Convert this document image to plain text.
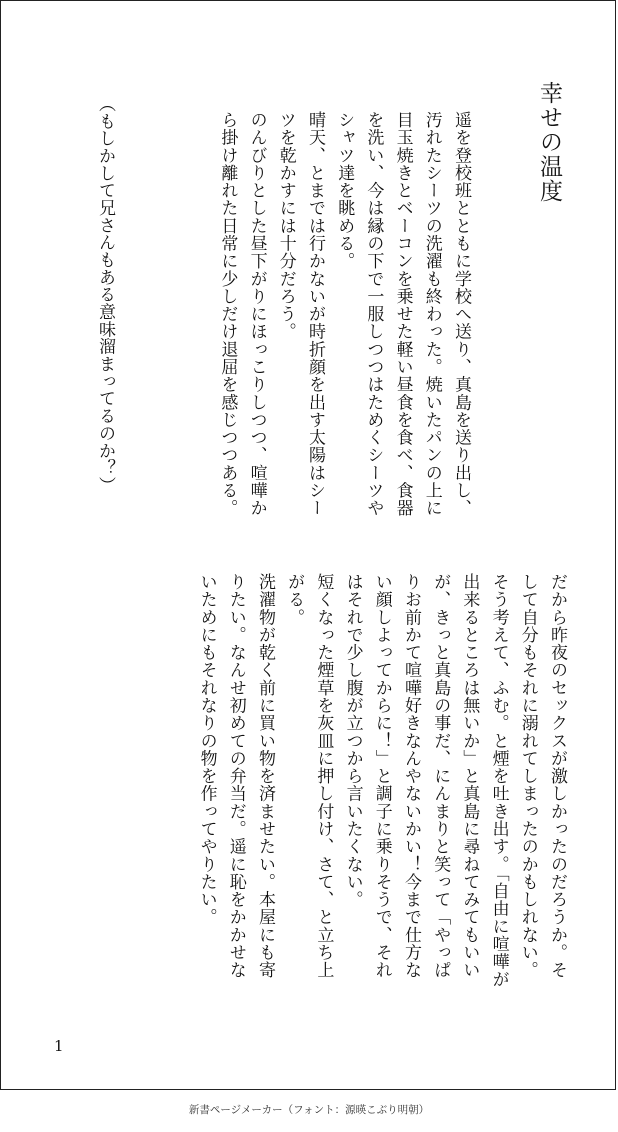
幸せの温度

遥を登校班とともに学校へ送り、真島を送り出し、汚れたシーツの洗濯も終わった。焼いたパンの上に目玉焼きとベーコンを乗せた軽い昼食を食べ、食器を洗い、今は縁の下で一服しつつはためくシーツやシャツ達を眺める。

晴天、とまでは行かないが時折顔を出す太陽はシーツを乾かすには十分だろう。

のんびりとした昼下がりにほっこりしつつ、喧嘩から掛け離れた日常に少しだけ退屈を感じつつある。

（もしかして兄さんもある意味溜まってるのか？）

だから昨夜のセックスが激しかったのだろうか。そして自分もそれに溺れてしまったのかもしれない。

そう考えて、ふむ。と煙を吐き出す。「自由に喧嘩が出来るところは無いか」と真島に尋ねてみてもいいが、きっと真島の事だ、にんまりと笑って「やっぱりお前かて喧嘩好きなんやないかい！今まで仕方ない顔しよってからに！」と調子に乗りそうで、それはそれで少し腹が立つから言いたくない。

短くなった煙草を灰皿に押し付け、さて、と立ち上がる。

洗濯物が乾く前に買い物を済ませたい。本屋にも寄りたい。なんせ初めての弁当だ。遥に恥をかかせないためにもそれなりの物を作ってやりたい。

1
新書ページメーカー（フォント：源暎こぶり明朝）
